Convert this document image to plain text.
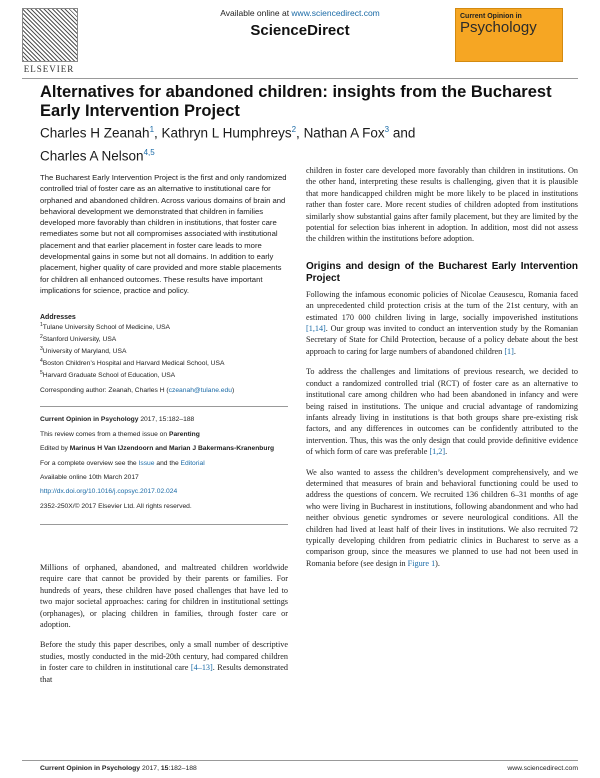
ELSEVIER
Available online at www.sciencedirect.com
ScienceDirect
Current Opinion in
Psychology
Alternatives for abandoned children: insights from the Bucharest Early Intervention Project
Charles H Zeanah$^1$, Kathryn L Humphreys$^2$, Nathan A Fox$^3$ and
Charles A Nelson$^{4,5}$
The Bucharest Early Intervention Project is the first and only randomized controlled trial of foster care as an alternative to institutional care for orphaned and abandoned children. Across various domains of brain and behavioral development we demonstrated that children in families developed more favorably than children in institutions, that foster care remediates some but not all compromises associated with institutional placement and that earlier placement in foster care leads to more developmental gains in some but not all domains. In addition to early placement, higher quality of care provided and more stable placements for children all enhanced outcomes. These results have important implications for science, practice and policy.
Addresses
$^1$Tulane University School of Medicine, USA
$^2$Stanford University, USA
$^3$University of Maryland, USA
$^4$Boston Children’s Hospital and Harvard Medical School, USA
$^5$Harvard Graduate School of Education, USA
Corresponding author: Zeanah, Charles H (czeanah@tulane.edu)
Current Opinion in Psychology 2017, 15:182–188
This review comes from a themed issue on Parenting
Edited by Marinus H Van IJzendoorn and Marian J Bakermans-Kranenburg
For a complete overview see the Issue and the Editorial
Available online 10th March 2017
http://dx.doi.org/10.1016/j.copsyc.2017.02.024
2352-250X/© 2017 Elsevier Ltd. All rights reserved.

Millions of orphaned, abandoned, and maltreated children worldwide require care that cannot be provided by their parents or families. For hundreds of years, these children have posed challenges that have led to two major societal approaches: caring for children in institutional settings (orphanages), or placing children in families, through foster care or adoption.

Before the study this paper describes, only a small number of descriptive studies, mostly conducted in the mid-20th century, had compared children in foster care to children in institutional care [4–13]. Results demonstrated that

children in foster care developed more favorably than children in institutions. On the other hand, interpreting these results is challenging, given that it is plausible that more handicapped children might be more likely to be placed in institutions rather than foster care. More recent studies of children adopted from institutions similarly show substantial gains after family placement, but they are limited by the potential for selection bias inherent in adoption. In addition, most did not assess the children within the institutions before adoption.

Origins and design of the Bucharest Early Intervention Project

Following the infamous economic policies of Nicolae Ceausescu, Romania faced an unprecedented child protection crisis at the turn of the 21st century, with an estimated 170 000 children living in large, socially impoverished institutions [1,14]. Our group was invited to conduct an intervention study by the Romanian Secretary of State for Child Protection, because of a policy debate about the best approach to caring for large numbers of abandoned children [1].

To address the challenges and limitations of previous research, we decided to conduct a randomized controlled trial (RCT) of foster care as an alternative to institutional care among children who had been abandoned in infancy and were being raised in institutions. The unique and crucial advantage of randomizing infants already living in institutions is that both groups share pre-existing risk factors, and any differences in outcomes can be confidently attributed to the intervention. Thus, this was the only design that could provide definitive evidence of which form of care was preferable [1,2].

We also wanted to assess the children’s development comprehensively, and we determined that measures of brain and behavioral functioning could be used to address the questions of concern. We recruited 136 children 6–31 months of age who were living in Bucharest in institutions, following abandonment and who had neither obvious genetic syndromes or severe neurological conditions. All the children had lived at least half of their lives in institutions. We also recruited 72 typically developing children from pediatric clinics in Bucharest to serve as a comparison group, since the measures we planned to use had not been used in Romania before (see design in Figure 1).

Current Opinion in Psychology 2017, 15:182–188	www.sciencedirect.com
